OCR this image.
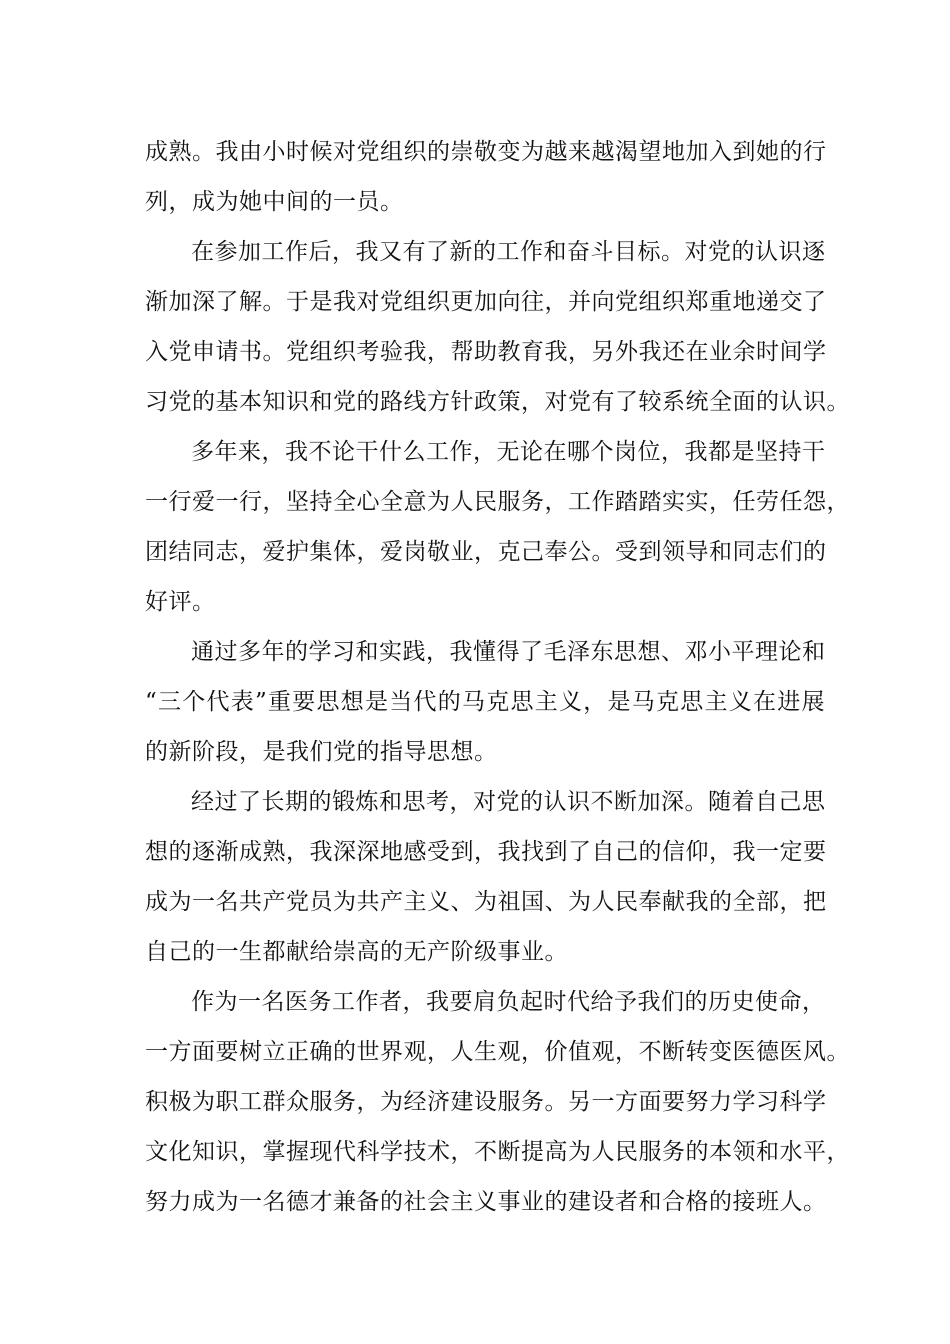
成熟。我由小时候对党组织的崇敬变为越来越渴望地加入到她的行
列，成为她中间的一员。
在参加工作后，我又有了新的工作和奋斗目标。对党的认识逐
渐加深了解。于是我对党组织更加向往，并向党组织郑重地递交了
入党申请书。党组织考验我，帮助教育我，另外我还在业余时间学
习党的基本知识和党的路线方针政策，对党有了较系统全面的认识。
多年来，我不论干什么工作，无论在哪个岗位，我都是坚持干
一行爱一行，坚持全心全意为人民服务，工作踏踏实实，任劳任怨，
团结同志，爱护集体，爱岗敬业，克己奉公。受到领导和同志们的
好评。
通过多年的学习和实践，我懂得了毛泽东思想、邓小平理论和
“三个代表”重要思想是当代的马克思主义，是马克思主义在进展
的新阶段，是我们党的指导思想。
经过了长期的锻炼和思考，对党的认识不断加深。随着自己思
想的逐渐成熟，我深深地感受到，我找到了自己的信仰，我一定要
成为一名共产党员为共产主义、为祖国、为人民奉献我的全部，把
自己的一生都献给崇高的无产阶级事业。
作为一名医务工作者，我要肩负起时代给予我们的历史使命，
一方面要树立正确的世界观，人生观，价值观，不断转变医德医风。
积极为职工群众服务，为经济建设服务。另一方面要努力学习科学
文化知识，掌握现代科学技术，不断提高为人民服务的本领和水平，
努力成为一名德才兼备的社会主义事业的建设者和合格的接班人。
